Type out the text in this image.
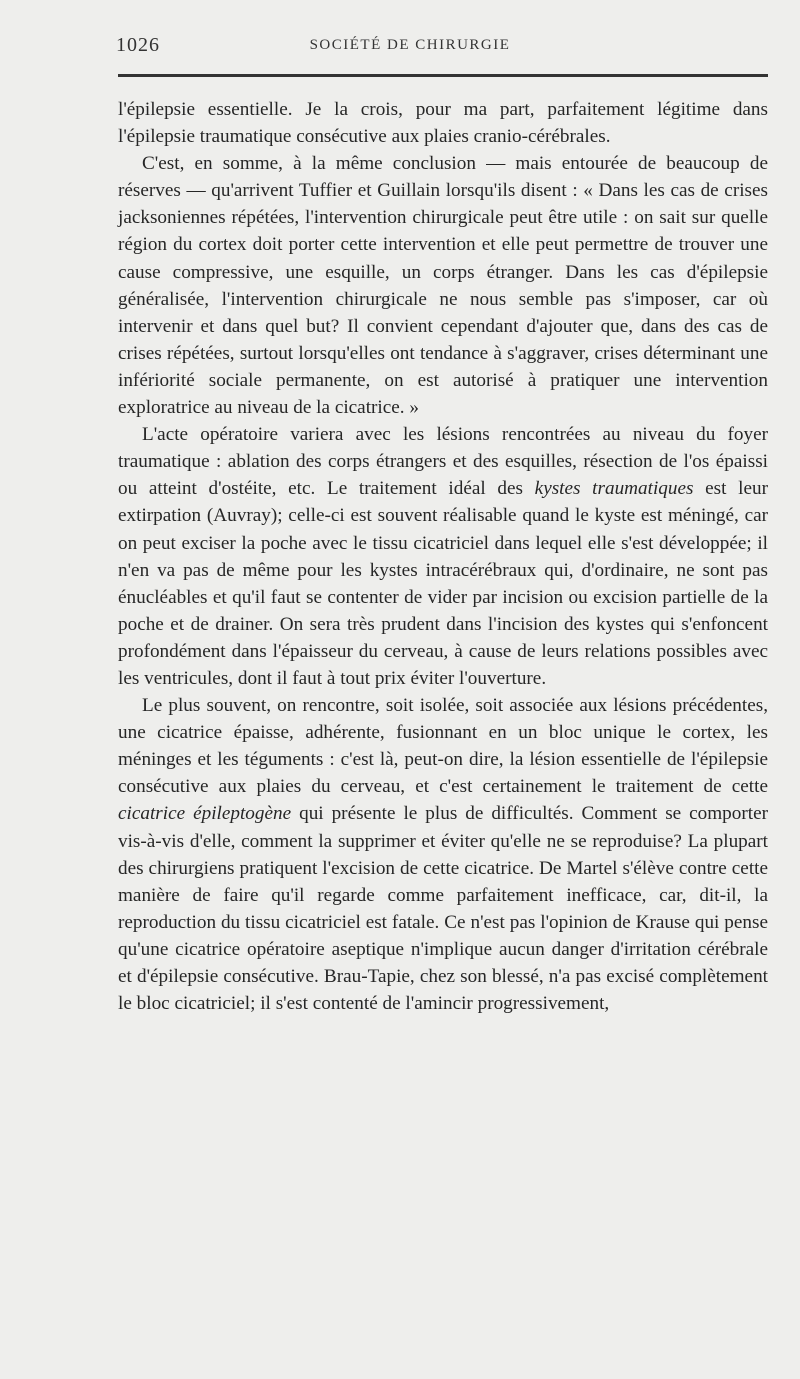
1026	SOCIÉTÉ DE CHIRURGIE

l'épilepsie essentielle. Je la crois, pour ma part, parfaitement légitime dans l'épilepsie traumatique consécutive aux plaies cranio-cérébrales.

C'est, en somme, à la même conclusion — mais entourée de beaucoup de réserves — qu'arrivent Tuffier et Guillain lorsqu'ils disent : « Dans les cas de crises jacksoniennes répétées, l'intervention chirurgicale peut être utile : on sait sur quelle région du cortex doit porter cette intervention et elle peut permettre de trouver une cause compressive, une esquille, un corps étranger. Dans les cas d'épilepsie généralisée, l'intervention chirurgicale ne nous semble pas s'imposer, car où intervenir et dans quel but? Il convient cependant d'ajouter que, dans des cas de crises répétées, surtout lorsqu'elles ont tendance à s'aggraver, crises déterminant une infériorité sociale permanente, on est autorisé à pratiquer une intervention exploratrice au niveau de la cicatrice. »

L'acte opératoire variera avec les lésions rencontrées au niveau du foyer traumatique : ablation des corps étrangers et des esquilles, résection de l'os épaissi ou atteint d'ostéite, etc. Le traitement idéal des kystes traumatiques est leur extirpation (Auvray); celle-ci est souvent réalisable quand le kyste est méningé, car on peut exciser la poche avec le tissu cicatriciel dans lequel elle s'est développée; il n'en va pas de même pour les kystes intracérébraux qui, d'ordinaire, ne sont pas énucléables et qu'il faut se contenter de vider par incision ou excision partielle de la poche et de drainer. On sera très prudent dans l'incision des kystes qui s'enfoncent profondément dans l'épaisseur du cerveau, à cause de leurs relations possibles avec les ventricules, dont il faut à tout prix éviter l'ouverture.

Le plus souvent, on rencontre, soit isolée, soit associée aux lésions précédentes, une cicatrice épaisse, adhérente, fusionnant en un bloc unique le cortex, les méninges et les téguments : c'est là, peut-on dire, la lésion essentielle de l'épilepsie consécutive aux plaies du cerveau, et c'est certainement le traitement de cette cicatrice épileptogène qui présente le plus de difficultés. Comment se comporter vis-à-vis d'elle, comment la supprimer et éviter qu'elle ne se reproduise? La plupart des chirurgiens pratiquent l'excision de cette cicatrice. De Martel s'élève contre cette manière de faire qu'il regarde comme parfaitement inefficace, car, dit-il, la reproduction du tissu cicatriciel est fatale. Ce n'est pas l'opinion de Krause qui pense qu'une cicatrice opératoire aseptique n'implique aucun danger d'irritation cérébrale et d'épilepsie consécutive. Brau-Tapie, chez son blessé, n'a pas excisé complètement le bloc cicatriciel; il s'est contenté de l'amincir progressivement,
